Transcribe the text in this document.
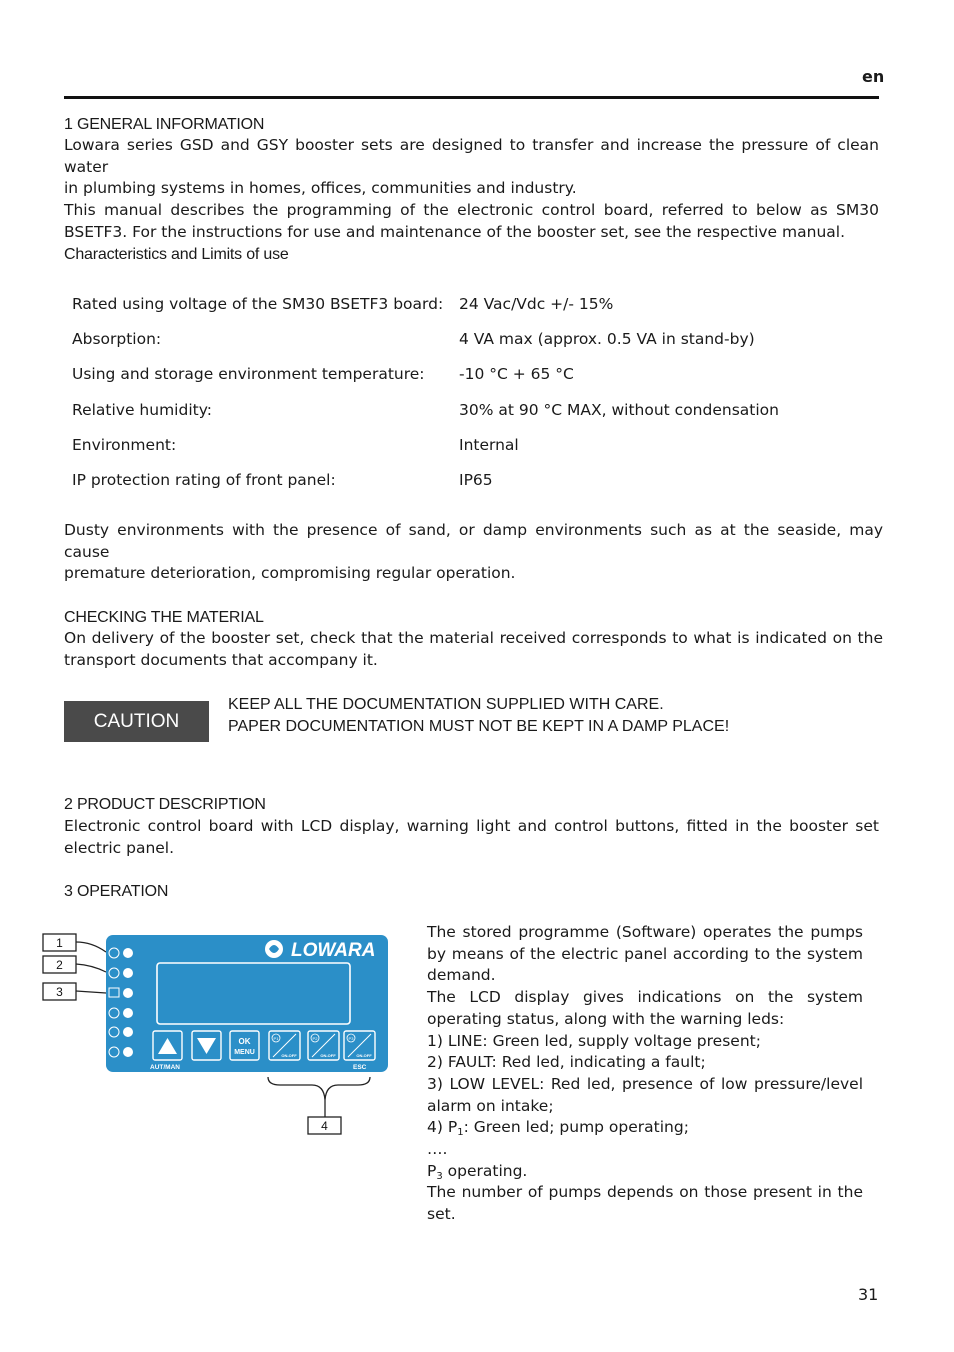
en
1 GENERAL INFORMATION
Lowara series GSD and GSY booster sets are designed to transfer and increase the pressure of clean water
in plumbing systems in homes, offices, communities and industry.
This manual describes the programming of the electronic control board, referred to below as SM30
BSETF3. For the instructions for use and maintenance of the booster set, see the respective manual.
Characteristics and Limits of use
Rated using voltage of the SM30 BSETF3 board: 24 Vac/Vdc +/- 15%
Absorption:	4 VA max (approx. 0.5 VA in stand-by)
Using and storage environment temperature: -10 °C + 65 °C
Relative humidity:	30% at 90 °C MAX, without condensation
Environment:	Internal
IP protection rating of front panel:	IP65
Dusty environments with the presence of sand, or damp environments such as at the seaside, may cause
premature deterioration, compromising regular operation.
CHECKING THE MATERIAL
On delivery of the booster set, check that the material received corresponds to what is indicated on the
transport documents that accompany it.
CAUTION
KEEP ALL THE DOCUMENTATION SUPPLIED WITH CARE.
PAPER DOCUMENTATION MUST NOT BE KEPT IN A DAMP PLACE!
2 PRODUCT DESCRIPTION
Electronic control board with LCD display, warning light and control buttons, fitted in the booster set
electric panel.
3 OPERATION
1
2
3
4
LOWARA
OK
MENU
P1
ON-OFF
P2
ON-OFF
P3
ON-OFF
AUT/MAN	ESC
The stored programme (Software) operates the pumps
by means of the electric panel according to the system
demand.
The LCD display gives indications on the system
operating status, along with the warning leds:
1) LINE: Green led, supply voltage present;
2) FAULT: Red led, indicating a fault;
3) LOW LEVEL: Red led, presence of low pressure/level
alarm on intake;
4) $P_1$: Green led; pump operating;
….
$P_3$ operating.
The number of pumps depends on those present in the
set.
31
